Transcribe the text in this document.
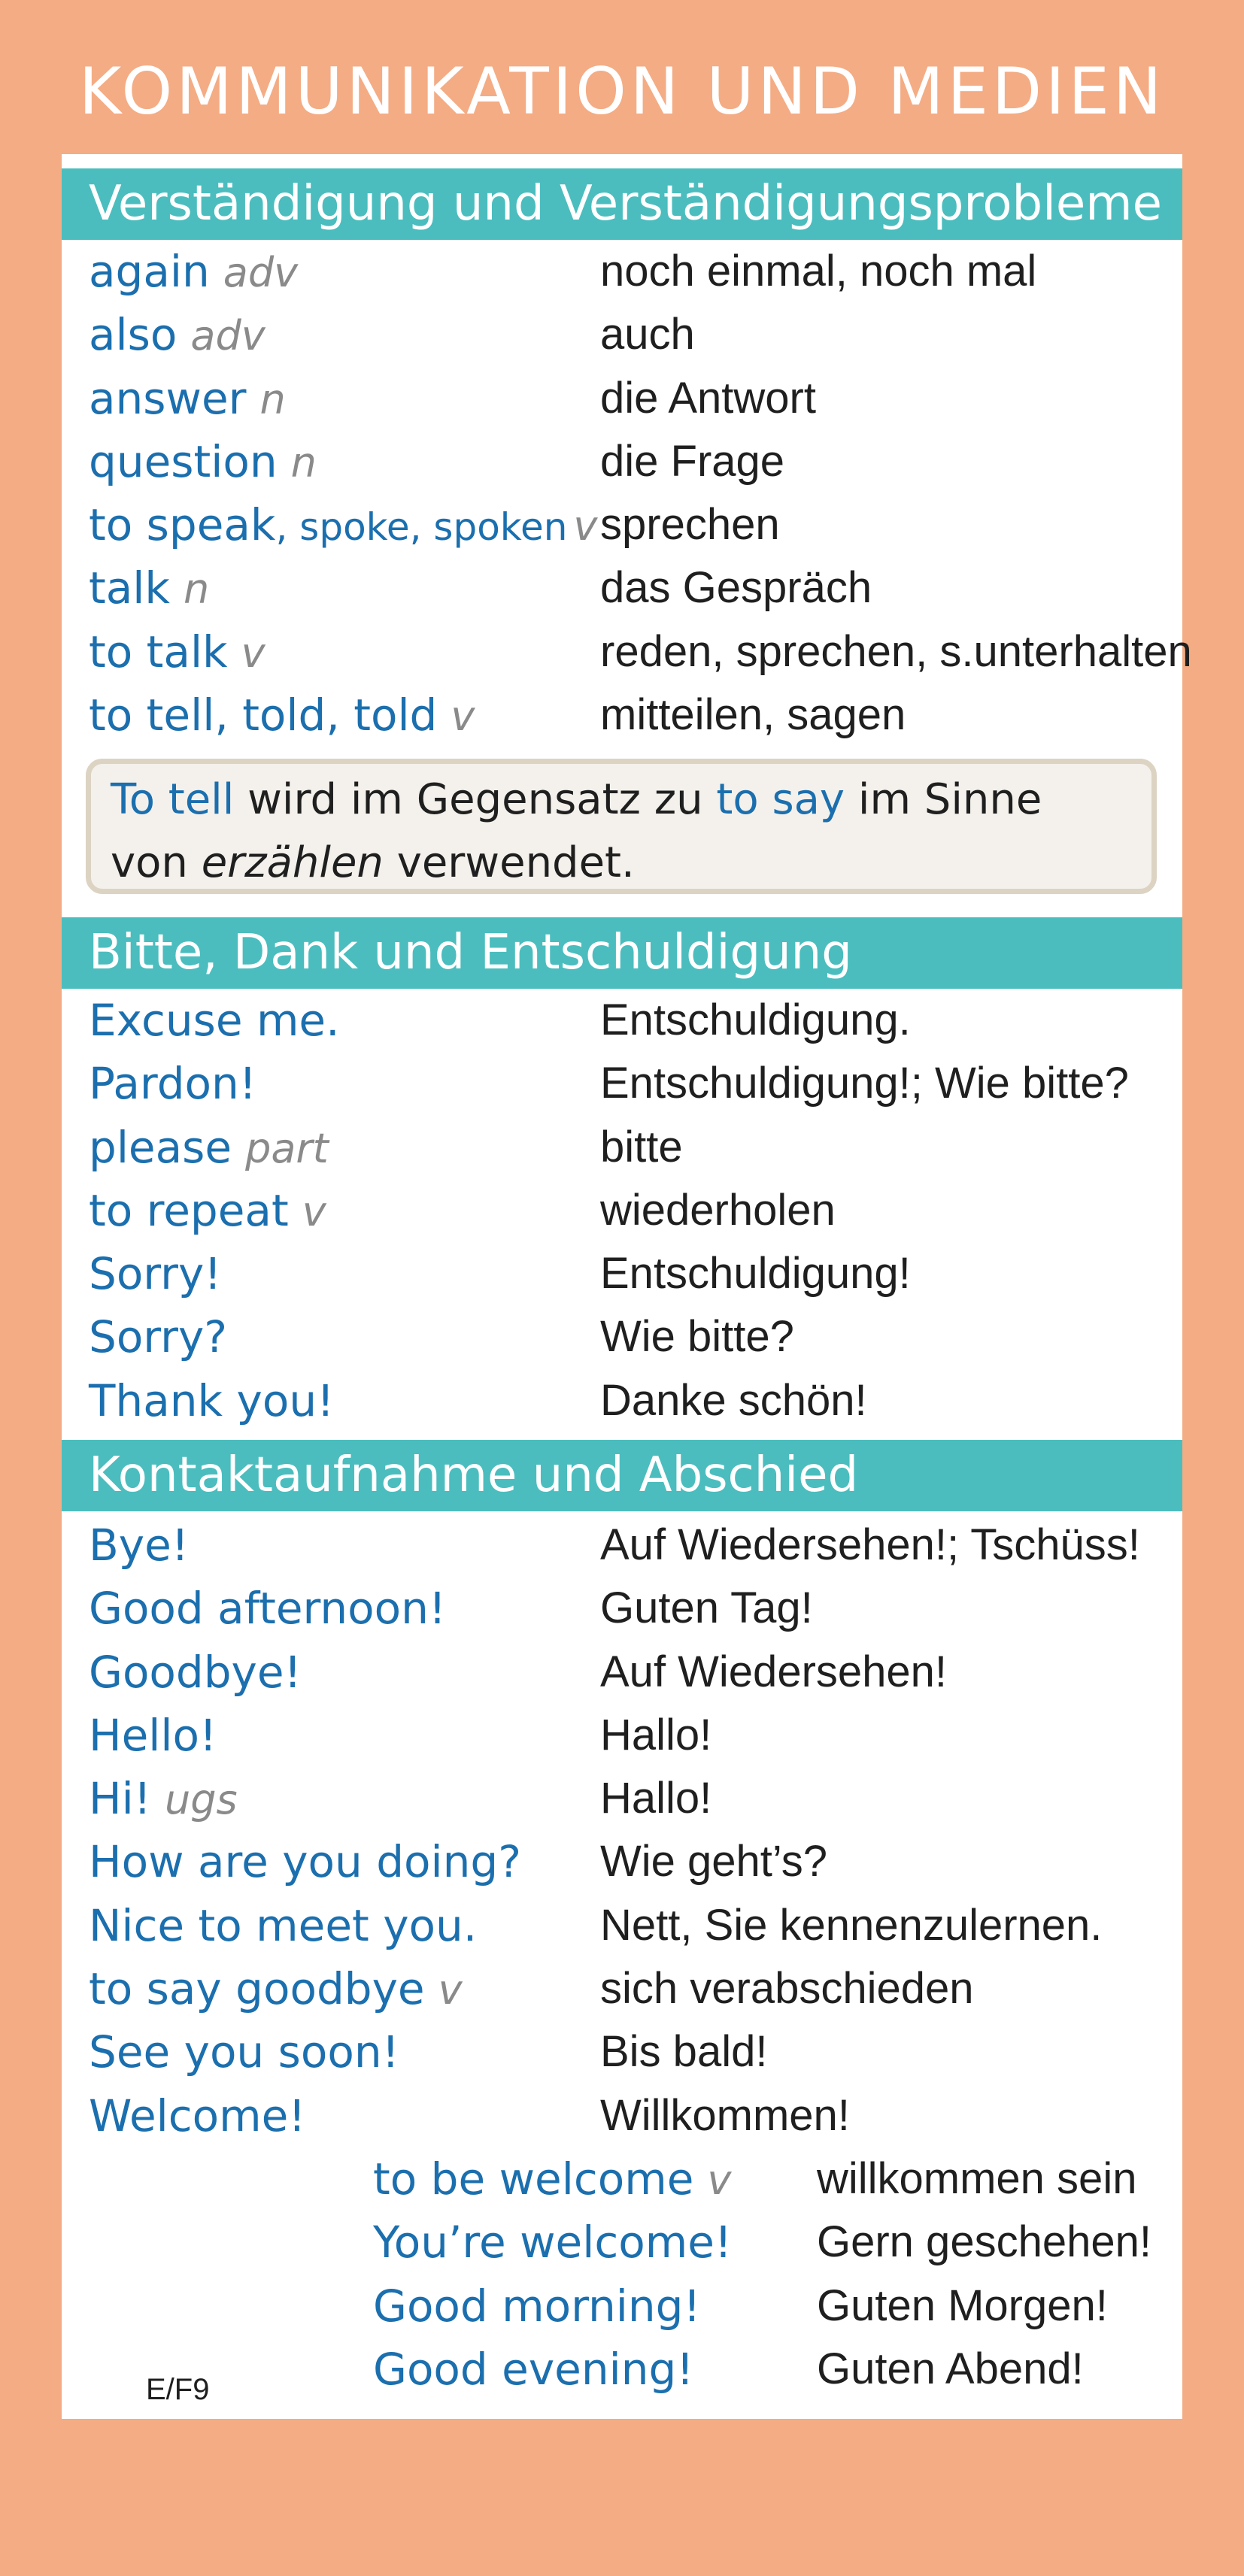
KOMMUNIKATION UND MEDIEN
Verständigung und Verständigungsprobleme
again adv	noch einmal, noch mal
also adv	auch
answer n	die Antwort
question n	die Frage
to speak, spoke, spoken v sprechen
talk n	das Gespräch
to talk v	reden, sprechen, s.unterhalten
to tell, told, told v	mitteilen, sagen
To tell wird im Gegensatz zu to say im Sinne
von erzählen verwendet.
Bitte, Dank und Entschuldigung
Excuse me.	Entschuldigung.
Pardon!	Entschuldigung!; Wie bitte?
please part	bitte
to repeat v	wiederholen
Sorry!	Entschuldigung!
Sorry?	Wie bitte?
Thank you!	Danke schön!
Kontaktaufnahme und Abschied
Bye!	Auf Wiedersehen!; Tschüss!
Good afternoon!	Guten Tag!
Goodbye!	Auf Wiedersehen!
Hello!	Hallo!
Hi! ugs	Hallo!
How are you doing? Wie geht’s?
Nice to meet you.	Nett, Sie kennenzulernen.
to say goodbye v	sich verabschieden
See you soon!	Bis bald!
Welcome!	Willkommen!
to be welcome v willkommen sein
You’re welcome! Gern geschehen!
Good morning!	Guten Morgen!
Good evening!	Guten Abend!
E/F9
